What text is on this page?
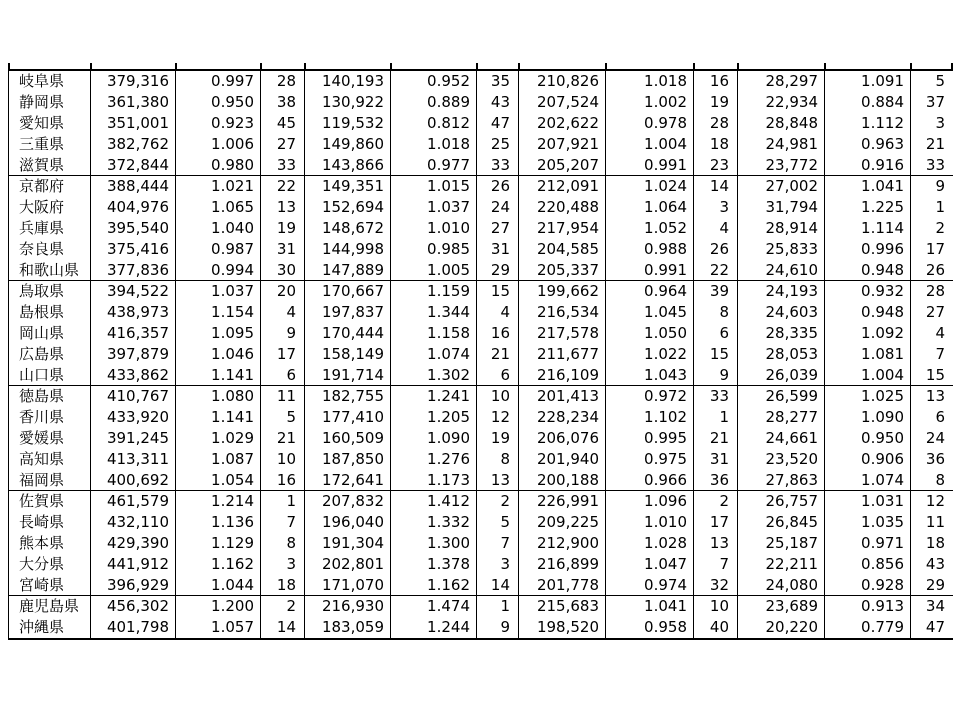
岐阜県	379,316	0.997	28	140,193	0.952	35	210,826	1.018	16	28,297	1.091	5
静岡県	361,380	0.950	38	130,922	0.889	43	207,524	1.002	19	22,934	0.884	37
愛知県	351,001	0.923	45	119,532	0.812	47	202,622	0.978	28	28,848	1.112	3
三重県	382,762	1.006	27	149,860	1.018	25	207,921	1.004	18	24,981	0.963	21
滋賀県	372,844	0.980	33	143,866	0.977	33	205,207	0.991	23	23,772	0.916	33
京都府	388,444	1.021	22	149,351	1.015	26	212,091	1.024	14	27,002	1.041	9
大阪府	404,976	1.065	13	152,694	1.037	24	220,488	1.064	3	31,794	1.225	1
兵庫県	395,540	1.040	19	148,672	1.010	27	217,954	1.052	4	28,914	1.114	2
奈良県	375,416	0.987	31	144,998	0.985	31	204,585	0.988	26	25,833	0.996	17
和歌山県	377,836	0.994	30	147,889	1.005	29	205,337	0.991	22	24,610	0.948	26
鳥取県	394,522	1.037	20	170,667	1.159	15	199,662	0.964	39	24,193	0.932	28
島根県	438,973	1.154	4	197,837	1.344	4	216,534	1.045	8	24,603	0.948	27
岡山県	416,357	1.095	9	170,444	1.158	16	217,578	1.050	6	28,335	1.092	4
広島県	397,879	1.046	17	158,149	1.074	21	211,677	1.022	15	28,053	1.081	7
山口県	433,862	1.141	6	191,714	1.302	6	216,109	1.043	9	26,039	1.004	15
徳島県	410,767	1.080	11	182,755	1.241	10	201,413	0.972	33	26,599	1.025	13
香川県	433,920	1.141	5	177,410	1.205	12	228,234	1.102	1	28,277	1.090	6
愛媛県	391,245	1.029	21	160,509	1.090	19	206,076	0.995	21	24,661	0.950	24
高知県	413,311	1.087	10	187,850	1.276	8	201,940	0.975	31	23,520	0.906	36
福岡県	400,692	1.054	16	172,641	1.173	13	200,188	0.966	36	27,863	1.074	8
佐賀県	461,579	1.214	1	207,832	1.412	2	226,991	1.096	2	26,757	1.031	12
長崎県	432,110	1.136	7	196,040	1.332	5	209,225	1.010	17	26,845	1.035	11
熊本県	429,390	1.129	8	191,304	1.300	7	212,900	1.028	13	25,187	0.971	18
大分県	441,912	1.162	3	202,801	1.378	3	216,899	1.047	7	22,211	0.856	43
宮崎県	396,929	1.044	18	171,070	1.162	14	201,778	0.974	32	24,080	0.928	29
鹿児島県	456,302	1.200	2	216,930	1.474	1	215,683	1.041	10	23,689	0.913	34
沖縄県	401,798	1.057	14	183,059	1.244	9	198,520	0.958	40	20,220	0.779	47
